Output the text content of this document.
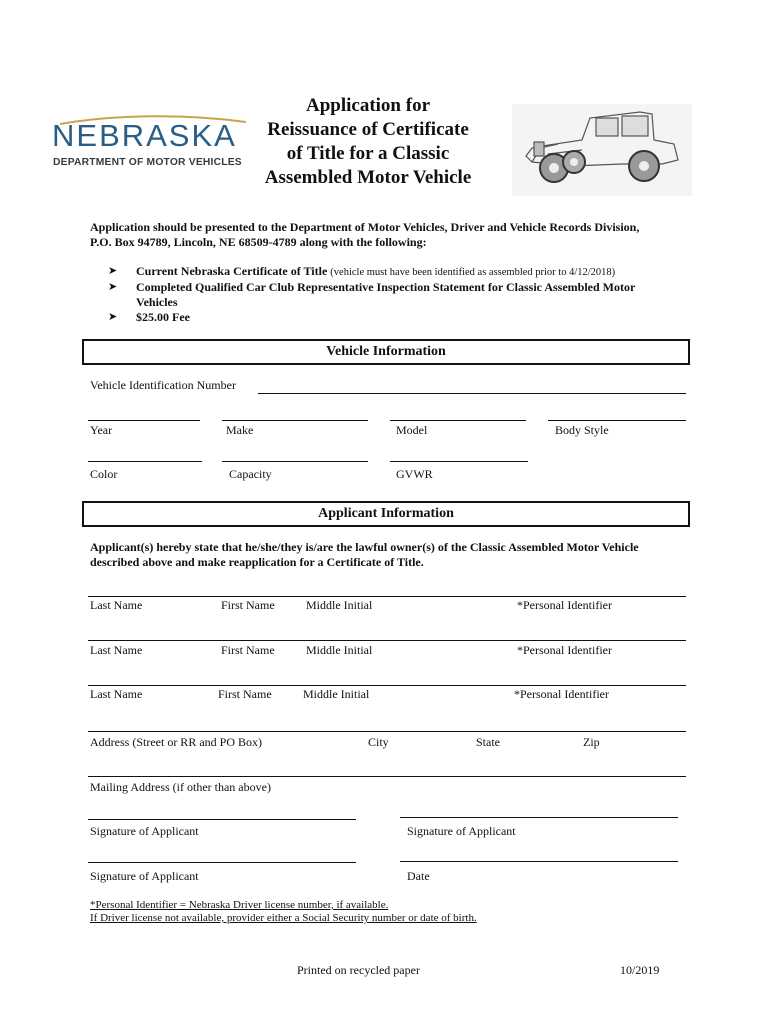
NEBRASKA
DEPARTMENT OF MOTOR VEHICLES
Application for
Reissuance of Certificate
of Title for a Classic
Assembled Motor Vehicle
Application should be presented to the Department of Motor Vehicles, Driver and Vehicle Records Division,
P.O. Box 94789, Lincoln, NE 68509-4789 along with the following:
➤ Current Nebraska Certificate of Title (vehicle must have been identified as assembled prior to 4/12/2018)
➤ Completed Qualified Car Club Representative Inspection Statement for Classic Assembled Motor
Vehicles
➤ $25.00 Fee
Vehicle Information
Vehicle Identification Number
Year	Make	Model	Body Style
Color	Capacity	GVWR
Applicant Information
Applicant(s) hereby state that he/she/they is/are the lawful owner(s) of the Classic Assembled Motor Vehicle
described above and make reapplication for a Certificate of Title.
Last Name	First Name	Middle Initial	*Personal Identifier
Last Name	First Name	Middle Initial	*Personal Identifier
Last Name	First Name	Middle Initial	*Personal Identifier
Address (Street or RR and PO Box)	City	State	Zip
Mailing Address (if other than above)
Signature of Applicant	Signature of Applicant
Signature of Applicant	Date
*Personal Identifier = Nebraska Driver license number, if available.
If Driver license not available, provider either a Social Security number or date of birth.
Printed on recycled paper	10/2019
